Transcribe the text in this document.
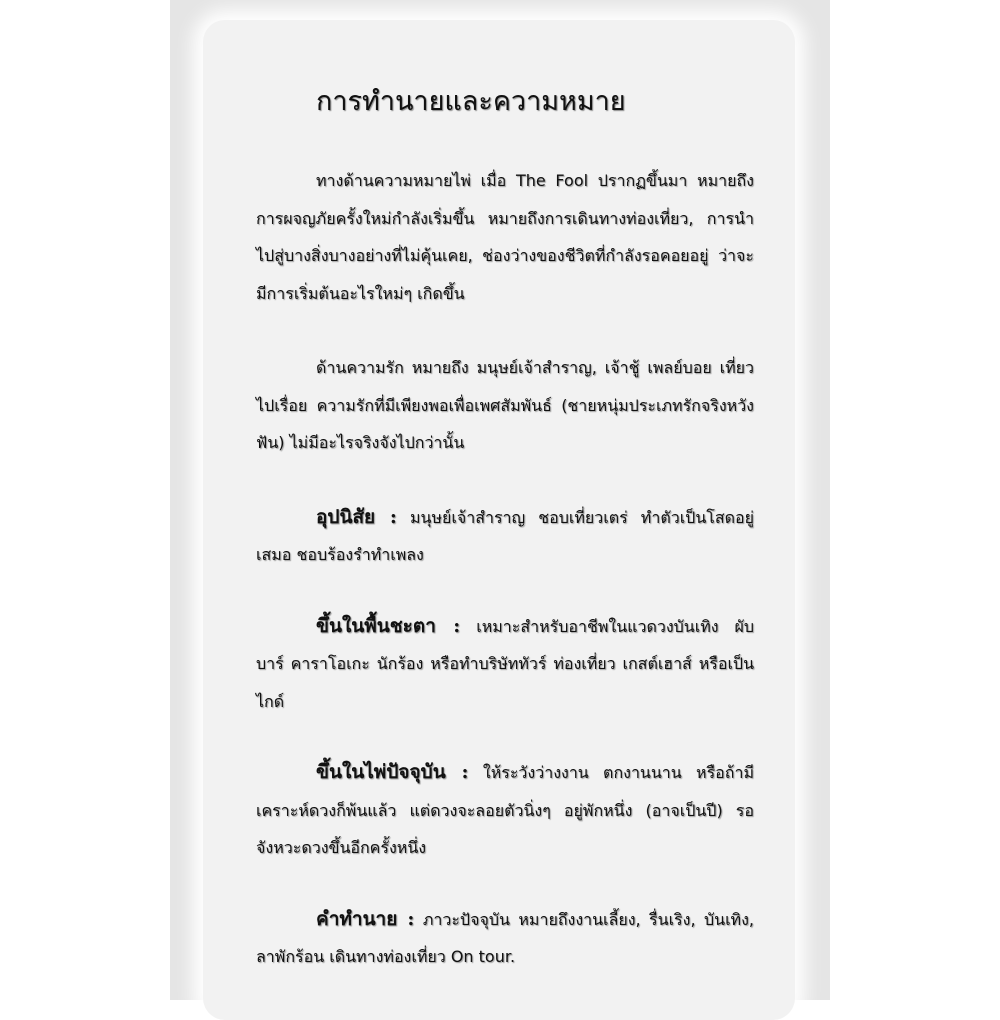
การทำนายและความหมาย

ทางด้านความหมายไพ่ เมื่อ The Fool ปรากฏขึ้นมา หมายถึง การผจญภัยครั้งใหม่กำลังเริ่มขึ้น หมายถึงการเดินทางท่องเที่ยว, การนำไปสู่บางสิ่งบางอย่างที่ไม่คุ้นเคย, ช่องว่างของชีวิตที่กำลังรอคอยอยู่ ว่าจะมีการเริ่มต้นอะไรใหม่ๆ เกิดขึ้น

ด้านความรัก หมายถึง มนุษย์เจ้าสำราญ, เจ้าชู้ เพลย์บอย เที่ยวไปเรื่อย ความรักที่มีเพียงพอเพื่อเพศสัมพันธ์ (ชายหนุ่มประเภทรักจริงหวังฟัน) ไม่มีอะไรจริงจังไปกว่านั้น

อุปนิสัย : มนุษย์เจ้าสำราญ ชอบเที่ยวเตร่ ทำตัวเป็นโสดอยู่เสมอ ชอบร้องรำทำเพลง

ขึ้นในพื้นชะตา : เหมาะสำหรับอาชีพในแวดวงบันเทิง ผับ บาร์ คาราโอเกะ นักร้อง หรือทำบริษัททัวร์ ท่องเที่ยว เกสต์เฮาส์ หรือเป็นไกด์

ขึ้นในไพ่ปัจจุบัน : ให้ระวังว่างงาน ตกงานนาน หรือถ้ามีเคราะห์ดวงก็พ้นแล้ว แต่ดวงจะลอยตัวนิ่งๆ อยู่พักหนึ่ง (อาจเป็นปี) รอจังหวะดวงขึ้นอีกครั้งหนึ่ง

คำทำนาย : ภาวะปัจจุบัน หมายถึงงานเลี้ยง, รื่นเริง, บันเทิง, ลาพักร้อน เดินทางท่องเที่ยว On tour.
